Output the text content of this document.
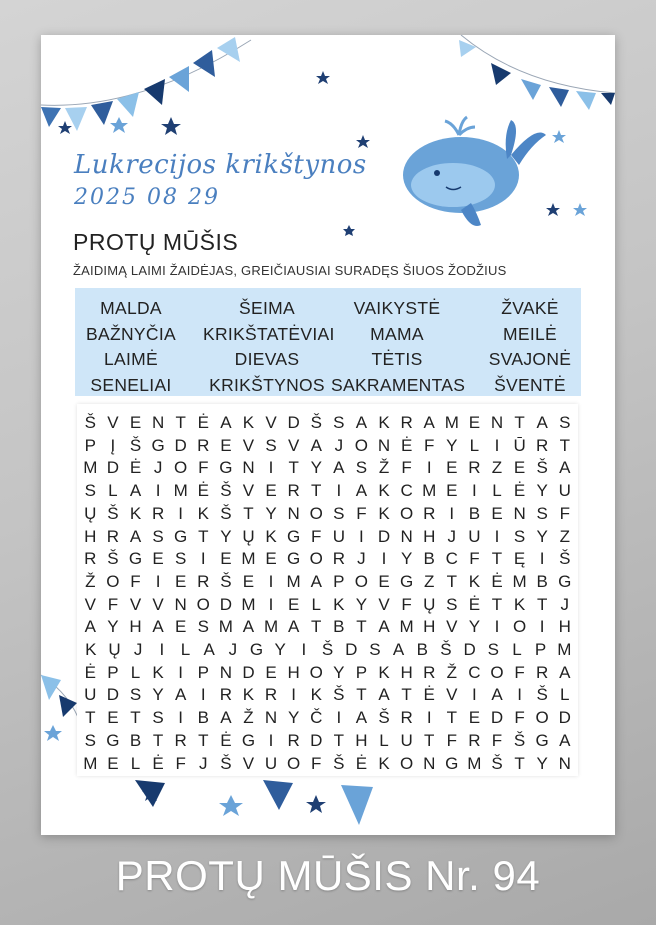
Lukrecijos krikštynos
2025 08 29
PROTŲ MŪŠIS
ŽAIDIMĄ LAIMI ŽAIDĖJAS, GREIČIAUSIAI SURADĘS ŠIUOS ŽODŽIUS
MALDA
BAŽNYČIA
LAIMĖ
SENELIAI
ŠEIMA
KRIKŠTATĖVIAI
DIEVAS
KRIKŠTYNOS
VAIKYSTĖ
MAMA
TĖTIS
SAKRAMENTAS
ŽVAKĖ
MEILĖ
SVAJONĖ
ŠVENTĖ
Š V E N T Ė A K V D Š S A K R A M E N T A S
P Į Š G D R E V S V A J O N Ė F Y L I Ū R T
M D Ė J O F G N I T Y A S Ž F I E R Z E Š A
S L A I M Ė Š V E R T I A K C M E I L Ė Y U
Ų Š K R I K Š T Y N O S F K O R I B E N S F
H R A S G T Y Ų K G F U I D N H J U I S Y Z
R Š G E S I E M E G O R J I Y B C F T Ę I Š
Ž O F I E R Š E I M A P O E G Z T K Ė M B G
V F V V N O D M I E L K Y V F Ų S Ė T K T J
A Y H A E S M A M A T B T A M H V Y I O I H
K Ų J	I L A J G Y I Š D S A B Š D S L P M
Ė P L K I P N D E H O Y P K H R Ž C O F R A
U D S Y A I R K R I K Š T A T Ė V I A I Š L
T E T S I B A Ž N Y Č I A Š R I T E D F O D
S G B T R T Ė G I R D T H L U T F R F Š G A
M E L Ė F J Š V U O F Š Ė K O N G M Š T Y N
PROTŲ MŪŠIS Nr. 94
